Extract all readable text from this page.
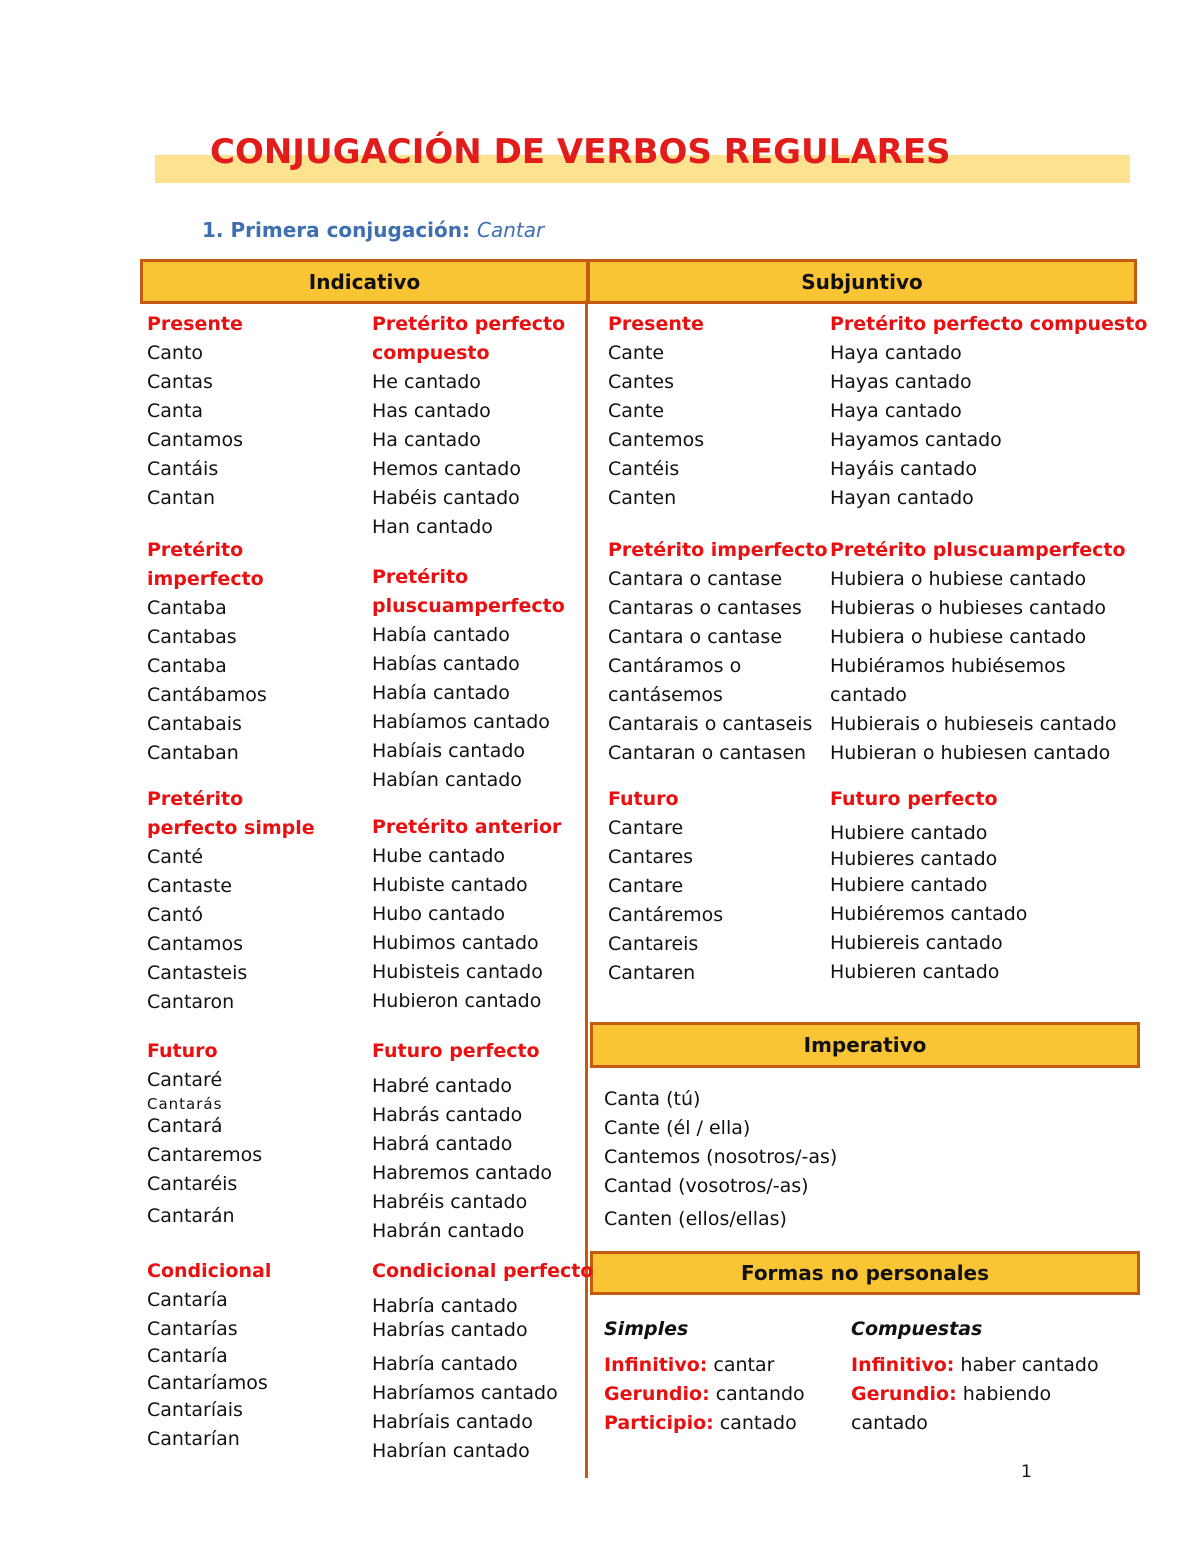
CONJUGACIÓN DE VERBOS REGULARES
1. Primera conjugación: Cantar
Indicativo	Subjuntivo
Imperativo
Formas no personales
Presente
Canto
Cantas
Canta
Cantamos
Cantáis
Cantan
Pretérito
imperfecto
Cantaba
Cantabas
Cantaba
Cantábamos
Cantabais
Cantaban
Pretérito
perfecto simple
Canté
Cantaste
Cantó
Cantamos
Cantasteis
Cantaron
Futuro
Cantaré
Cantarás
Cantará
Cantaremos
Cantaréis
Cantarán
Condicional
Cantaría
Cantarías
Cantaría
Cantaríamos
Cantaríais
Cantarían
Pretérito perfecto
compuesto
He cantado
Has cantado
Ha cantado
Hemos cantado
Habéis cantado
Han cantado
Pretérito
pluscuamperfecto
Había cantado
Habías cantado
Había cantado
Habíamos cantado
Habíais cantado
Habían cantado
Pretérito anterior
Hube cantado
Hubiste cantado
Hubo cantado
Hubimos cantado
Hubisteis cantado
Hubieron cantado
Futuro perfecto
Habré cantado
Habrás cantado
Habrá cantado
Habremos cantado
Habréis cantado
Habrán cantado
Condicional perfecto
Habría cantado
Habrías cantado
Habría cantado
Habríamos cantado
Habríais cantado
Habrían cantado
Presente
Cante
Cantes
Cante
Cantemos
Cantéis
Canten
Pretérito imperfecto
Cantara o cantase
Cantaras o cantases
Cantara o cantase
Cantáramos o
cantásemos
Cantarais o cantaseis
Cantaran o cantasen
Futuro
Cantare
Cantares
Cantare
Cantáremos
Cantareis
Cantaren
Pretérito perfecto compuesto
Haya cantado
Hayas cantado
Haya cantado
Hayamos cantado
Hayáis cantado
Hayan cantado
Pretérito pluscuamperfecto
Hubiera o hubiese cantado
Hubieras o hubieses cantado
Hubiera o hubiese cantado
Hubiéramos hubiésemos
cantado
Hubierais o hubieseis cantado
Hubieran o hubiesen cantado
Futuro perfecto
Hubiere cantado
Hubieres cantado
Hubiere cantado
Hubiéremos cantado
Hubiereis cantado
Hubieren cantado
Canta (tú)
Cante (él / ella)
Cantemos (nosotros/-as)
Cantad (vosotros/-as)
Canten (ellos/ellas)
Simples
Infinitivo: cantar
Gerundio: cantando
Participio: cantado
Compuestas
Infinitivo: haber cantado
Gerundio: habiendo
cantado
1
